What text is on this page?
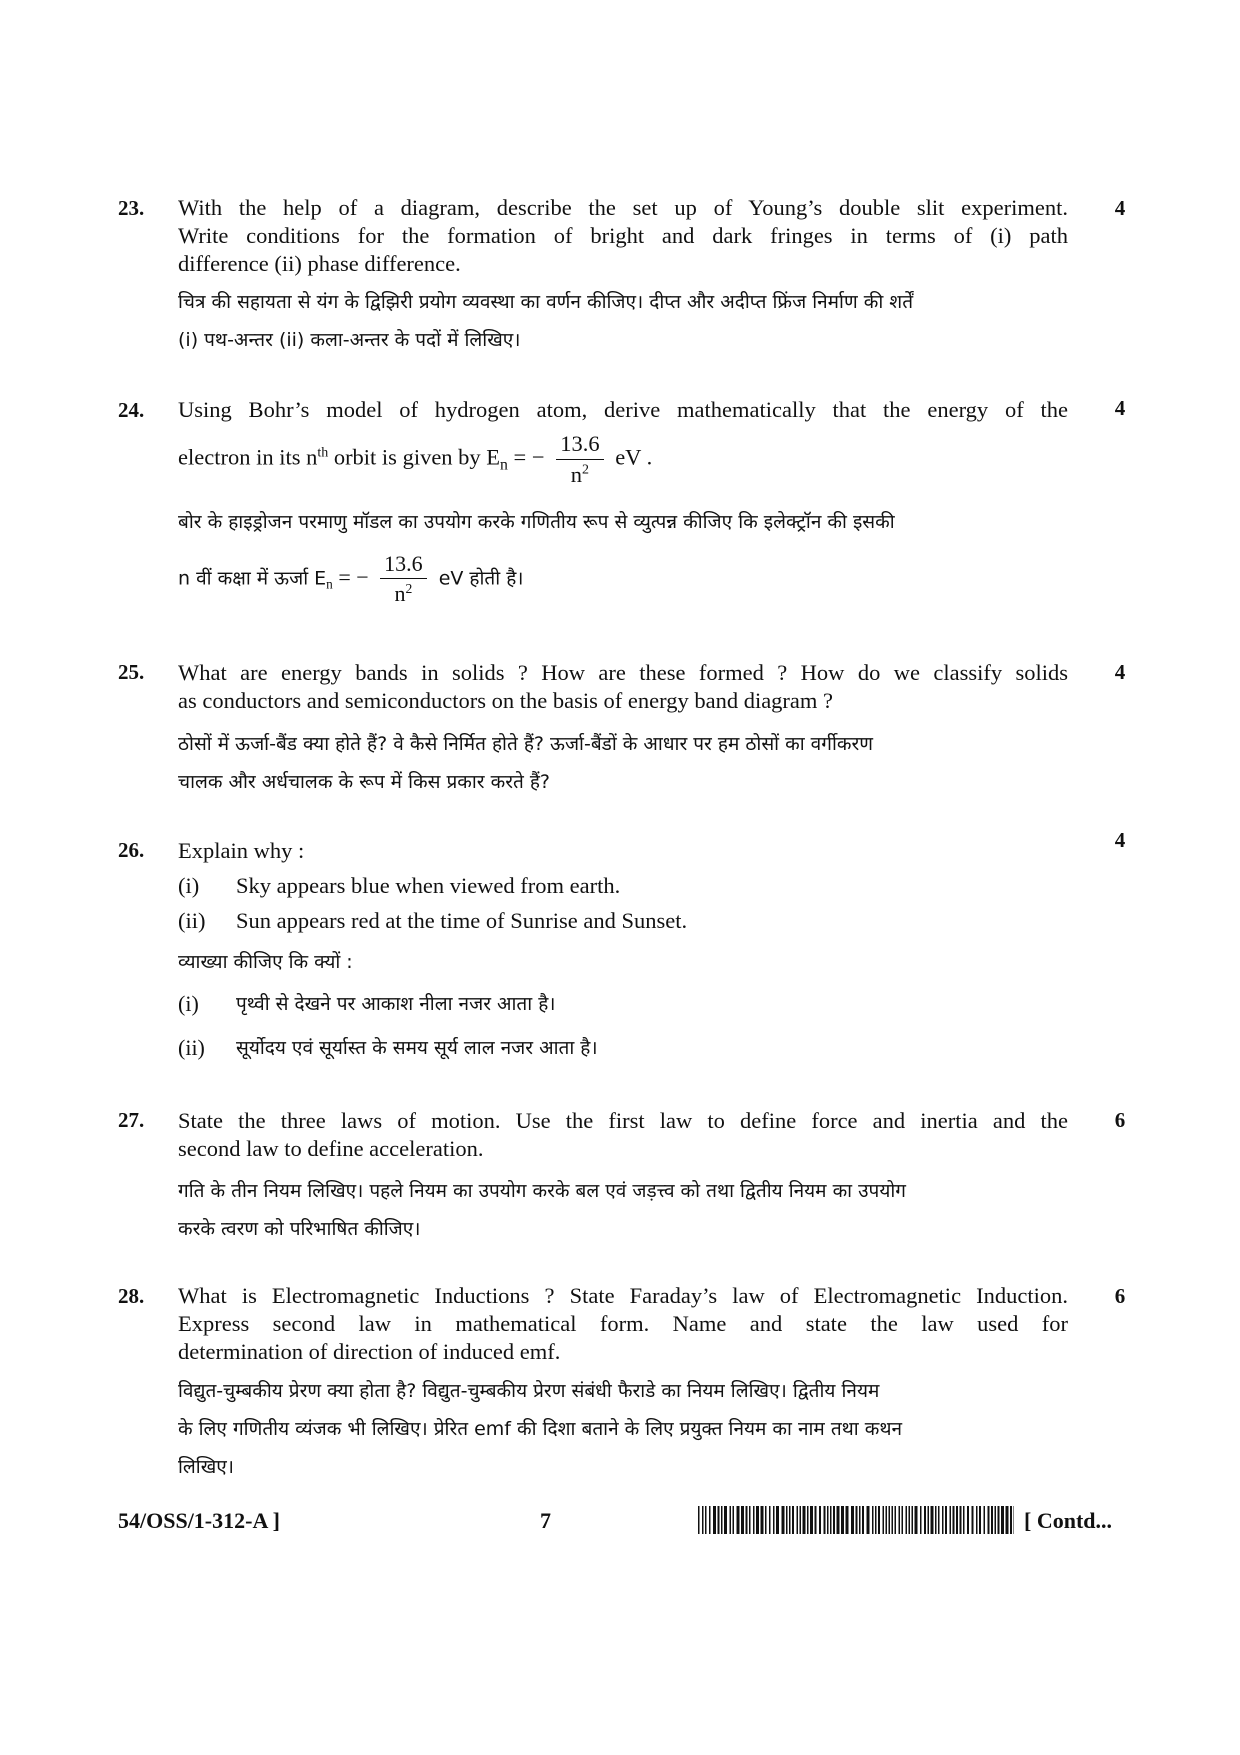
23.	4
With the help of a diagram, describe the set up of Young’s double slit experiment.
Write conditions for the formation of bright and dark fringes in terms of (i) path
difference (ii) phase difference.
चित्र की सहायता से यंग के द्विझिरी प्रयोग व्यवस्था का वर्णन कीजिए। दीप्त और अदीप्त फ्रिंज निर्माण की शर्तें
(i) पथ-अन्तर (ii) कला-अन्तर के पदों में लिखिए।
24.	4
Using Bohr’s model of hydrogen atom, derive mathematically that the energy of the
electron in its $n^{th}$ orbit is given by $E_n$ = − $\frac{13.6}{n^2}$ eV .
बोर के हाइड्रोजन परमाणु मॉडल का उपयोग करके गणितीय रूप से व्युत्पन्न कीजिए कि इलेक्ट्रॉन की इसकी
n वीं कक्षा में ऊर्जा $E_n$ = − $\frac{13.6}{n^2}$ eV होती है।
25.	4
What are energy bands in solids ? How are these formed ? How do we classify solids
as conductors and semiconductors on the basis of energy band diagram ?
ठोसों में ऊर्जा-बैंड क्या होते हैं? वे कैसे निर्मित होते हैं? ऊर्जा-बैंडों के आधार पर हम ठोसों का वर्गीकरण
चालक और अर्धचालक के रूप में किस प्रकार करते हैं?
26.	4
Explain why :
(i) Sky appears blue when viewed from earth.
(ii) Sun appears red at the time of Sunrise and Sunset.
व्याख्या कीजिए कि क्यों :
(i) पृथ्वी से देखने पर आकाश नीला नजर आता है।
(ii) सूर्योदय एवं सूर्यास्त के समय सूर्य लाल नजर आता है।
27.	6
State the three laws of motion. Use the first law to define force and inertia and the
second law to define acceleration.
गति के तीन नियम लिखिए। पहले नियम का उपयोग करके बल एवं जड़त्त्व को तथा द्वितीय नियम का उपयोग
करके त्वरण को परिभाषित कीजिए।
28.	6
What is Electromagnetic Inductions ? State Faraday’s law of Electromagnetic Induction.
Express second law in mathematical form. Name and state the law used for
determination of direction of induced emf.
विद्युत-चुम्बकीय प्रेरण क्या होता है? विद्युत-चुम्बकीय प्रेरण संबंधी फैराडे का नियम लिखिए। द्वितीय नियम
के लिए गणितीय व्यंजक भी लिखिए। प्रेरित emf की दिशा बताने के लिए प्रयुक्त नियम का नाम तथा कथन
लिखिए।
54/OSS/1-312-A ]	7	[ Contd...
